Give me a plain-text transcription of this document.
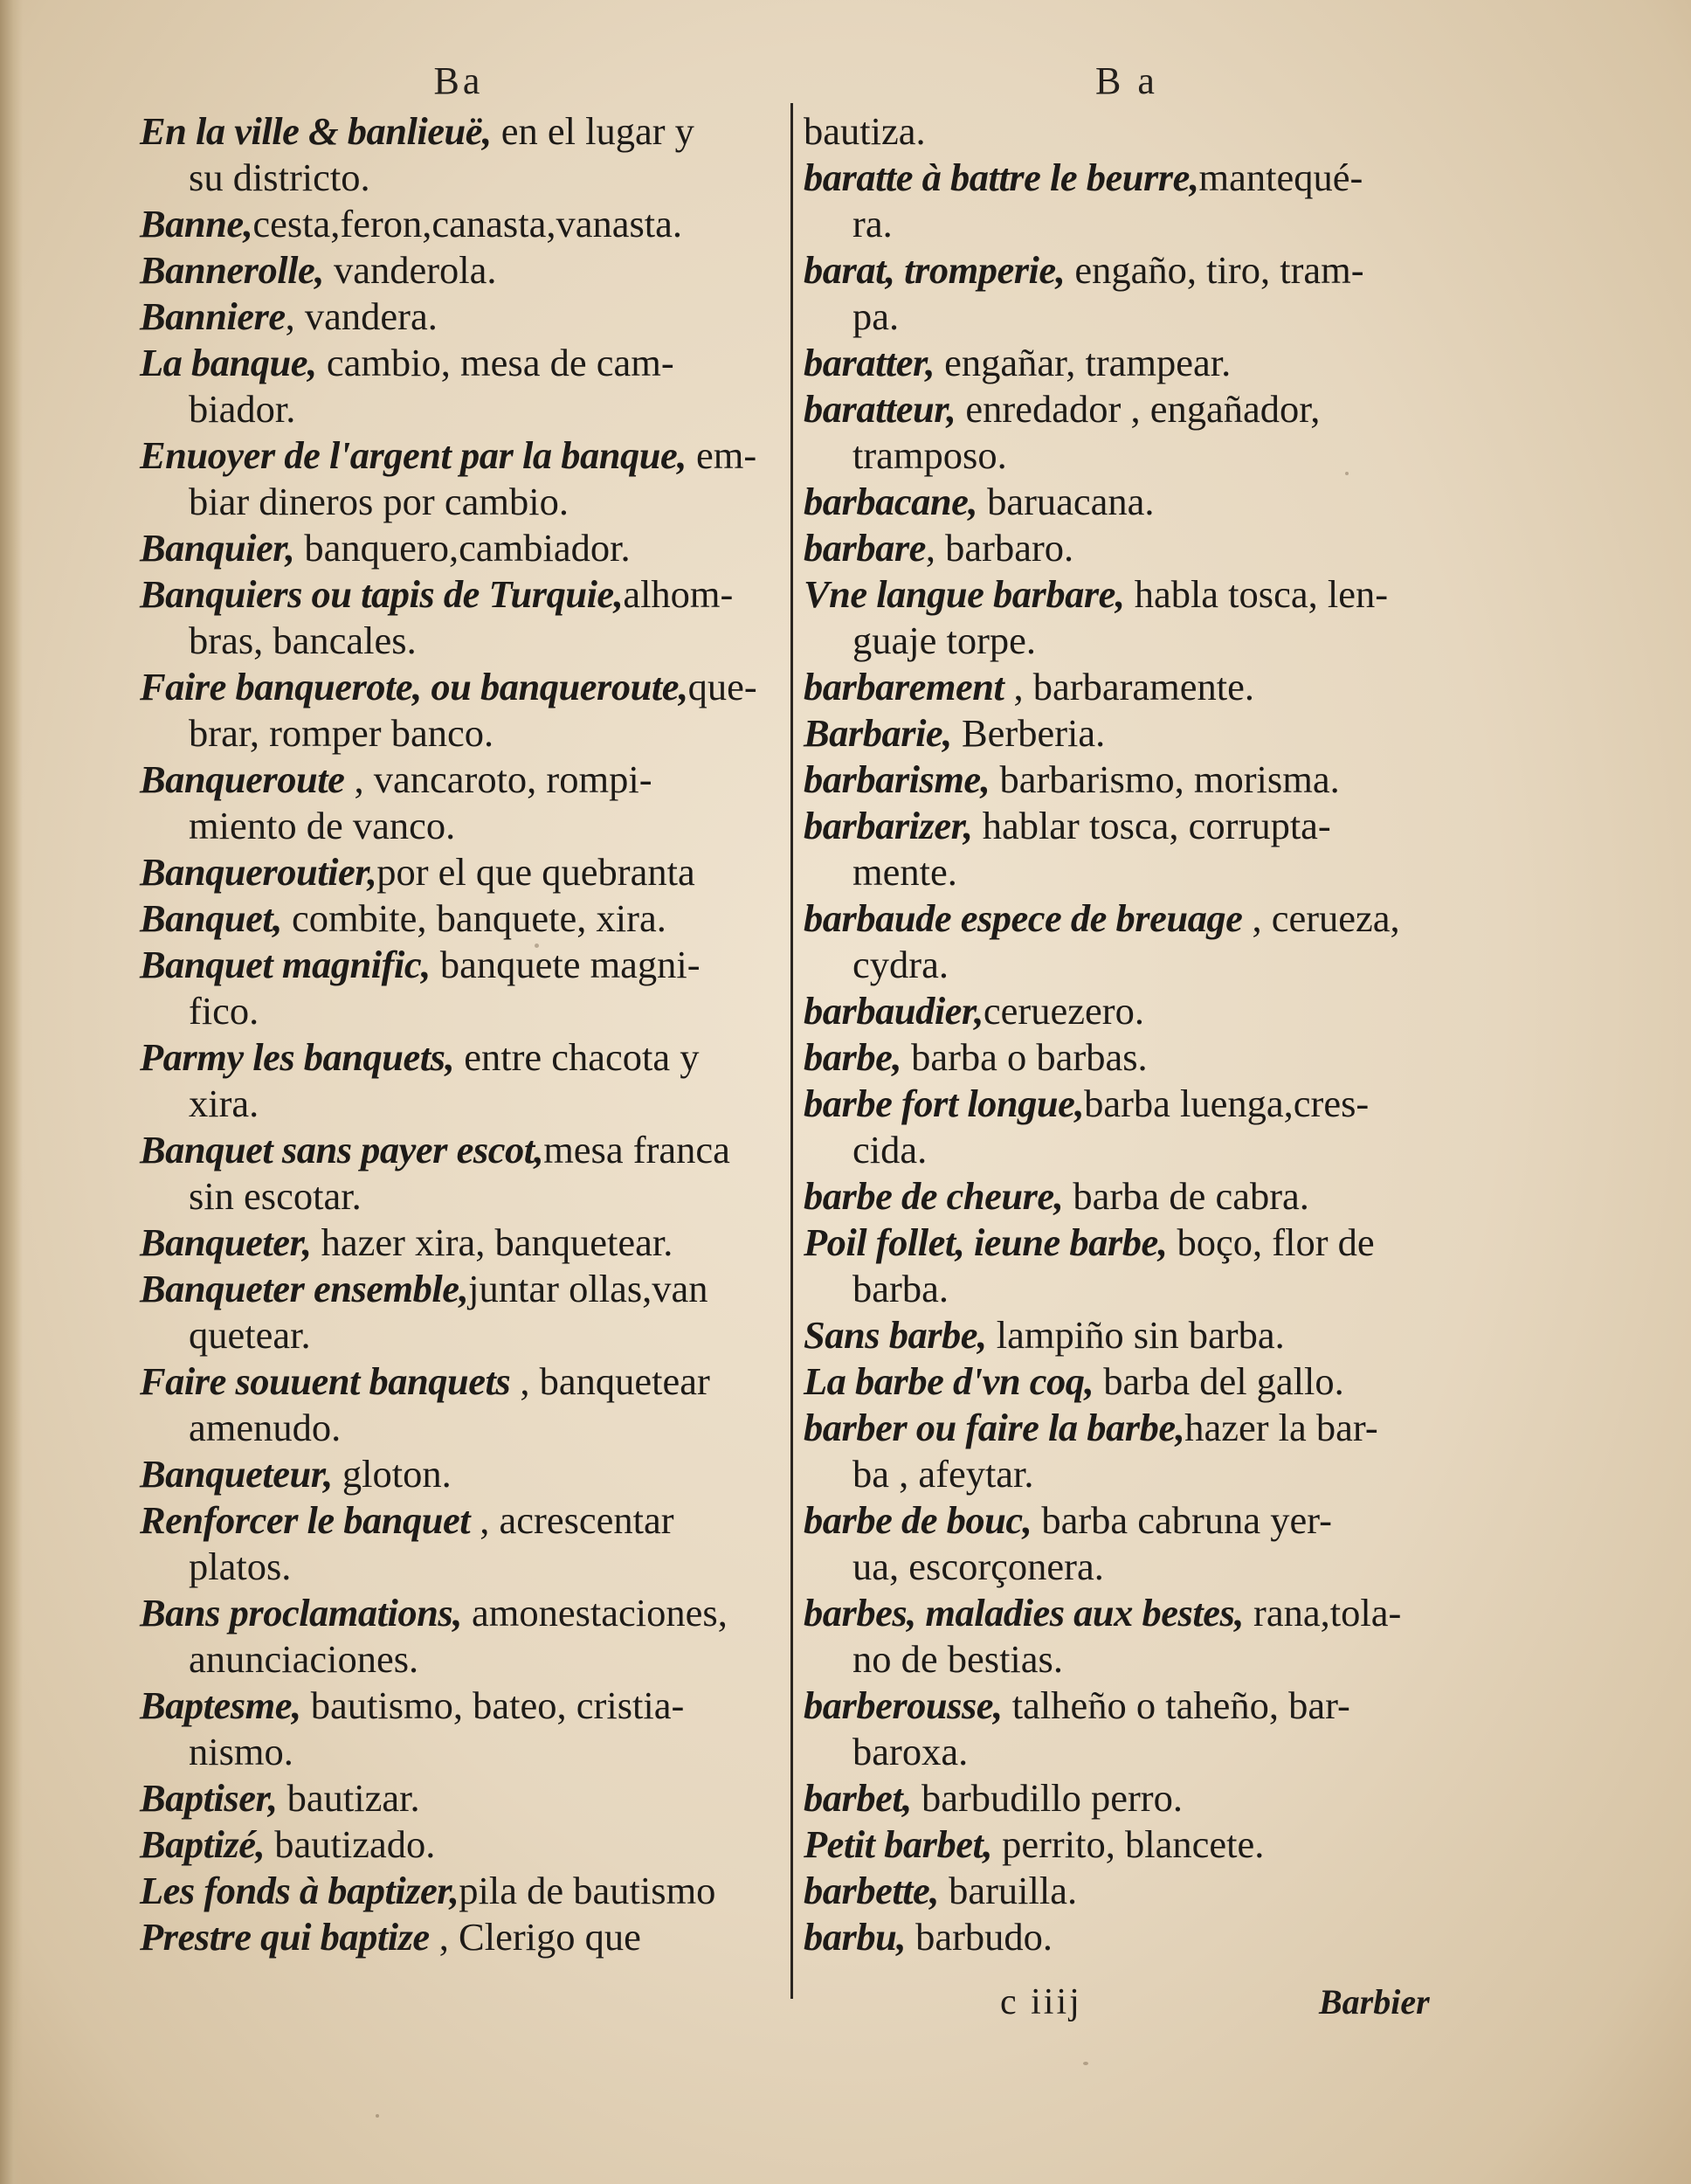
Ba
En la ville & banlieuë, en el lugar y
su districto.
Banne,cesta,feron,canasta,vanasta.
Bannerolle, vanderola.
Banniere, vandera.
La banque, cambio, mesa de cam-
biador.
Enuoyer de l'argent par la banque, em-
biar dineros por cambio.
Banquier, banquero,cambiador.
Banquiers ou tapis de Turquie,alhom-
bras, bancales.
Faire banquerote, ou banqueroute,que-
brar, romper banco.
Banqueroute , vancaroto, rompi-
miento de vanco.
Banqueroutier,por el que quebranta
Banquet, combite, banquete, xira.
Banquet magnific, banquete magni-
fico.
Parmy les banquets, entre chacota y
xira.
Banquet sans payer escot,mesa franca
sin escotar.
Banqueter, hazer xira, banquetear.
Banqueter ensemble,juntar ollas,van
quetear.
Faire souuent banquets , banquetear
amenudo.
Banqueteur, gloton.
Renforcer le banquet , acrescentar
platos.
Bans proclamations, amonestaciones,
anunciaciones.
Baptesme, bautismo, bateo, cristia-
nismo.
Baptiser, bautizar.
Baptizé, bautizado.
Les fonds à baptizer,pila de bautismo
Prestre qui baptize , Clerigo que
B a
bautiza.
baratte à battre le beurre,mantequé-
ra.
barat, tromperie, engaño, tiro, tram-
pa.
baratter, engañar, trampear.
baratteur, enredador , engañador,
tramposo.
barbacane, baruacana.
barbare, barbaro.
Vne langue barbare, habla tosca, len-
guaje torpe.
barbarement , barbaramente.
Barbarie, Berberia.
barbarisme, barbarismo, morisma.
barbarizer, hablar tosca, corrupta-
mente.
barbaude espece de breuage , cerueza,
cydra.
barbaudier,ceruezero.
barbe, barba o barbas.
barbe fort longue,barba luenga,cres-
cida.
barbe de cheure, barba de cabra.
Poil follet, ieune barbe, boço, flor de
barba.
Sans barbe, lampiño sin barba.
La barbe d'vn coq, barba del gallo.
barber ou faire la barbe,hazer la bar-
ba , afeytar.
barbe de bouc, barba cabruna yer-
ua, escorçonera.
barbes, maladies aux bestes, rana,tola-
no de bestias.
barberousse, talheño o taheño, bar-
baroxa.
barbet, barbudillo perro.
Petit barbet, perrito, blancete.
barbette, baruilla.
barbu, barbudo.
c iiij	Barbier
